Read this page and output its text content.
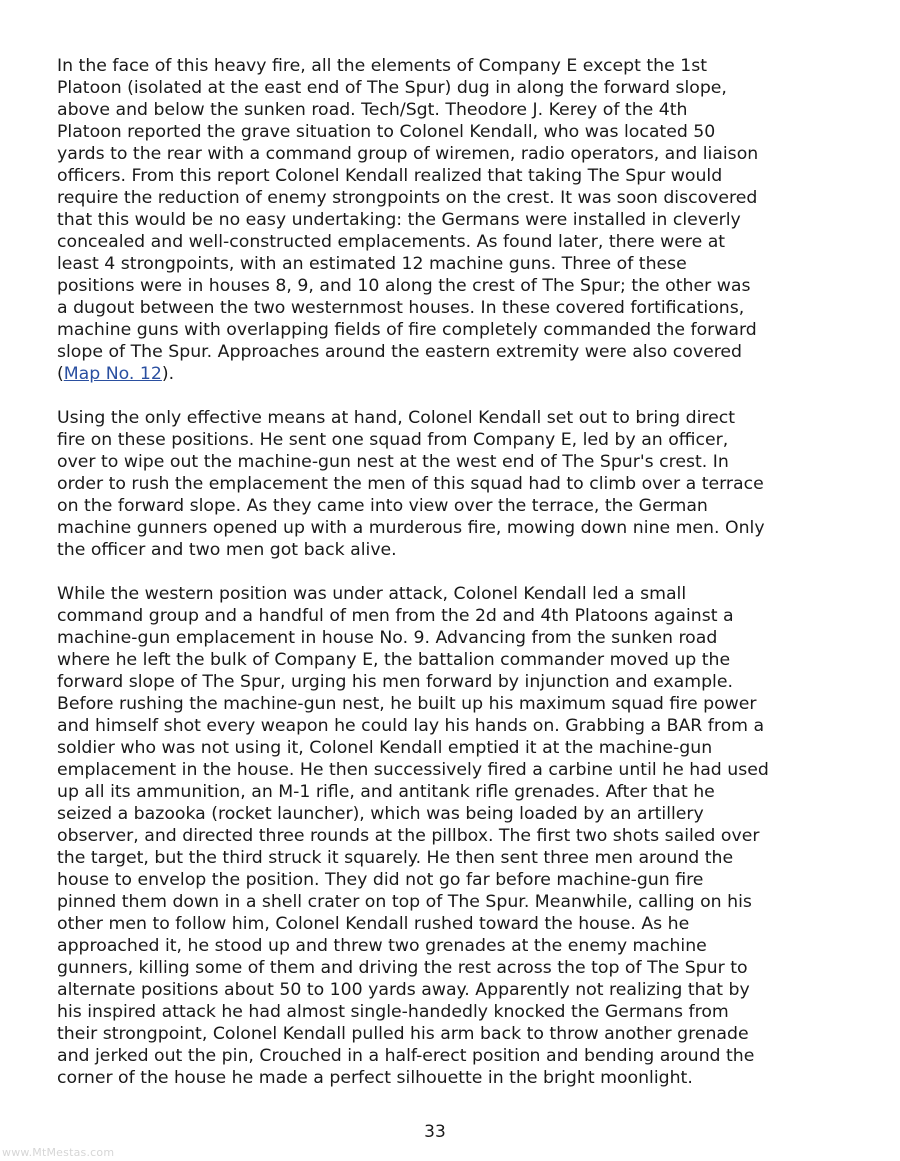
In the face of this heavy fire, all the elements of Company E except the 1st
Platoon (isolated at the east end of The Spur) dug in along the forward slope,
above and below the sunken road. Tech/Sgt. Theodore J. Kerey of the 4th
Platoon reported the grave situation to Colonel Kendall, who was located 50
yards to the rear with a command group of wiremen, radio operators, and liaison
officers. From this report Colonel Kendall realized that taking The Spur would
require the reduction of enemy strongpoints on the crest. It was soon discovered
that this would be no easy undertaking: the Germans were installed in cleverly
concealed and well-constructed emplacements. As found later, there were at
least 4 strongpoints, with an estimated 12 machine guns. Three of these
positions were in houses 8, 9, and 10 along the crest of The Spur; the other was
a dugout between the two westernmost houses. In these covered fortifications,
machine guns with overlapping fields of fire completely commanded the forward
slope of The Spur. Approaches around the eastern extremity were also covered
(Map No. 12).

Using the only effective means at hand, Colonel Kendall set out to bring direct
fire on these positions. He sent one squad from Company E, led by an officer,
over to wipe out the machine-gun nest at the west end of The Spur's crest. In
order to rush the emplacement the men of this squad had to climb over a terrace
on the forward slope. As they came into view over the terrace, the German
machine gunners opened up with a murderous fire, mowing down nine men. Only
the officer and two men got back alive.

While the western position was under attack, Colonel Kendall led a small
command group and a handful of men from the 2d and 4th Platoons against a
machine-gun emplacement in house No. 9. Advancing from the sunken road
where he left the bulk of Company E, the battalion commander moved up the
forward slope of The Spur, urging his men forward by injunction and example.
Before rushing the machine-gun nest, he built up his maximum squad fire power
and himself shot every weapon he could lay his hands on. Grabbing a BAR from a
soldier who was not using it, Colonel Kendall emptied it at the machine-gun
emplacement in the house. He then successively fired a carbine until he had used
up all its ammunition, an M-1 rifle, and antitank rifle grenades. After that he
seized a bazooka (rocket launcher), which was being loaded by an artillery
observer, and directed three rounds at the pillbox. The first two shots sailed over
the target, but the third struck it squarely. He then sent three men around the
house to envelop the position. They did not go far before machine-gun fire
pinned them down in a shell crater on top of The Spur. Meanwhile, calling on his
other men to follow him, Colonel Kendall rushed toward the house. As he
approached it, he stood up and threw two grenades at the enemy machine
gunners, killing some of them and driving the rest across the top of The Spur to
alternate positions about 50 to 100 yards away. Apparently not realizing that by
his inspired attack he had almost single-handedly knocked the Germans from
their strongpoint, Colonel Kendall pulled his arm back to throw another grenade
and jerked out the pin, Crouched in a half-erect position and bending around the
corner of the house he made a perfect silhouette in the bright moonlight.

33
www.MtMestas.com
